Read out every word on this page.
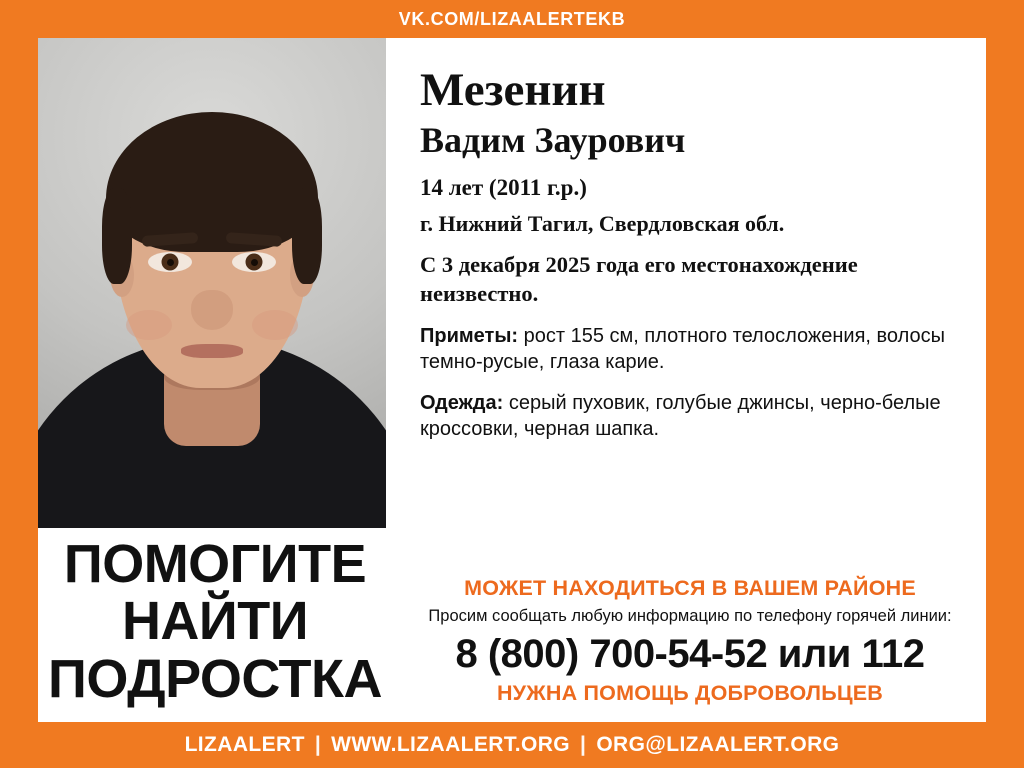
VK.COM/LIZAALERTEKB
ПОМОГИТЕ
НАЙТИ
ПОДРОСТКА
Мезенин
Вадим Заурович
14 лет (2011 г.р.)
г. Нижний Тагил, Свердловская обл.
С 3 декабря 2025 года его местонахождение неизвестно.
Приметы: рост 155 см, плотного телосложения, волосы темно-русые, глаза карие.
Одежда: серый пуховик, голубые джинсы, черно-белые кроссовки, черная шапка.
МОЖЕТ НАХОДИТЬСЯ В ВАШЕМ РАЙОНЕ
Просим сообщать любую информацию по телефону горячей линии:
8 (800) 700-54-52 или 112
НУЖНА ПОМОЩЬ ДОБРОВОЛЬЦЕВ
LIZAALERT | WWW.LIZAALERT.ORG | ORG@LIZAALERT.ORG
